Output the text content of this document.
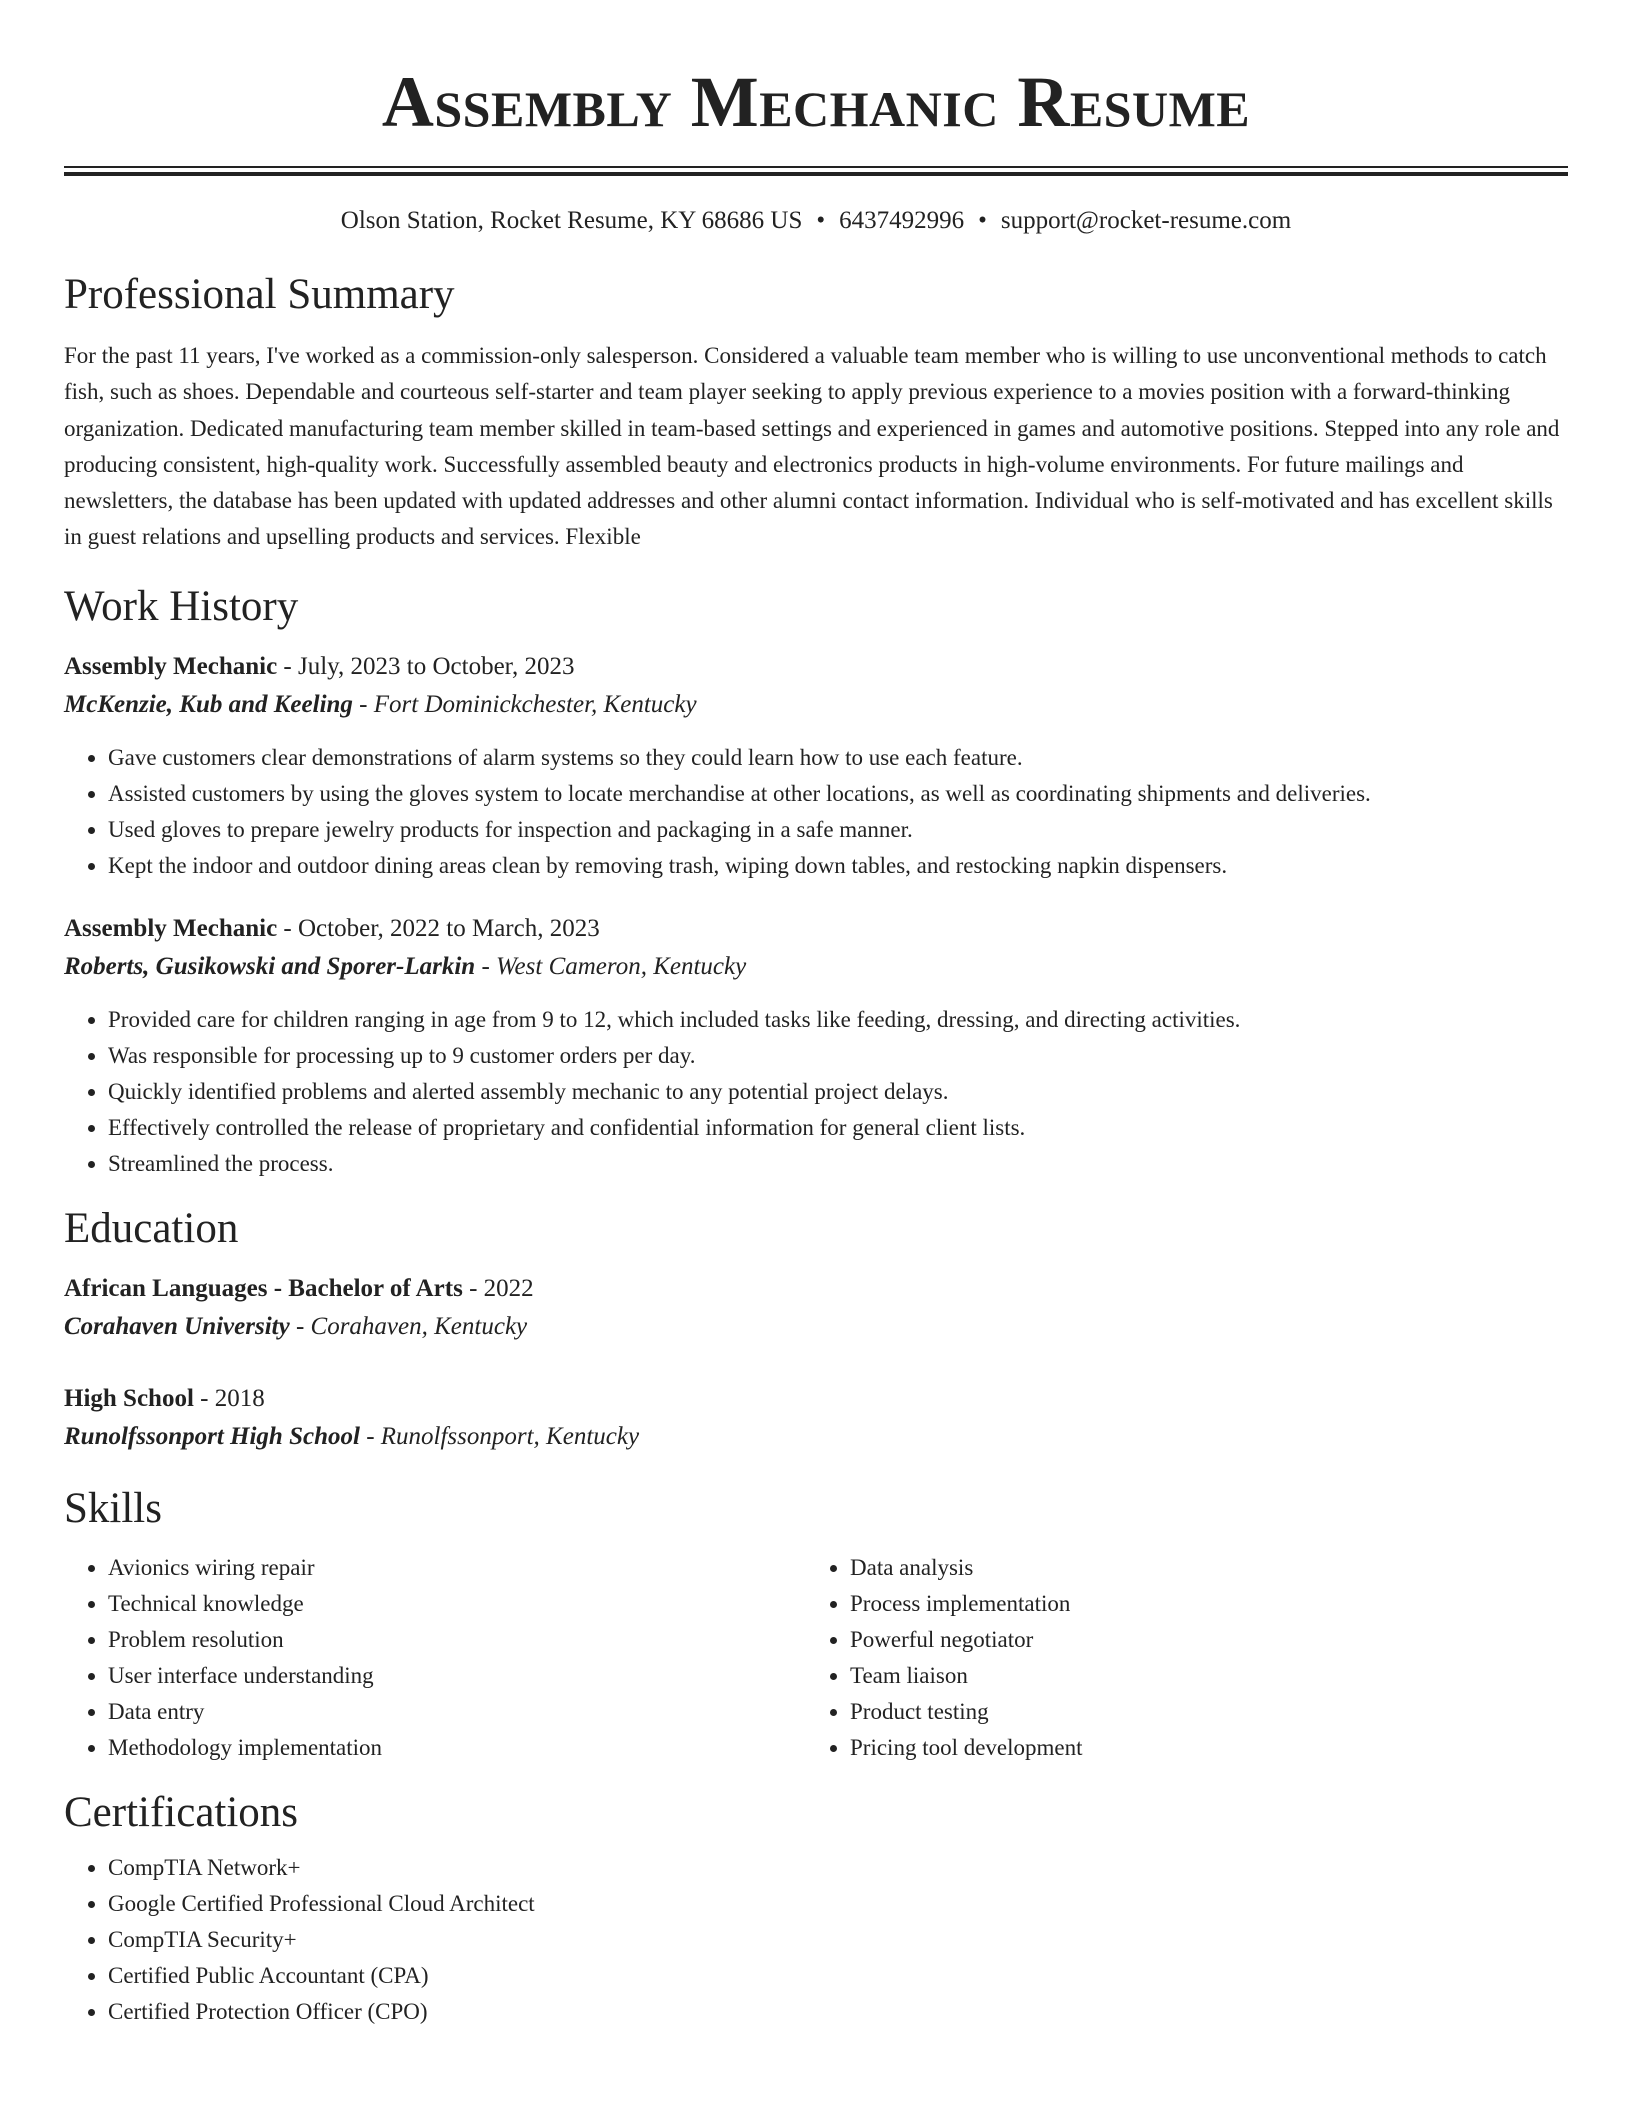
Assembly Mechanic Resume
Olson Station, Rocket Resume, KY 68686 US • 6437492996 • support@rocket-resume.com
Professional Summary
For the past 11 years, I've worked as a commission-only salesperson. Considered a valuable team member who is willing to use unconventional methods to catch fish, such as shoes. Dependable and courteous self-starter and team player seeking to apply previous experience to a movies position with a forward-thinking organization. Dedicated manufacturing team member skilled in team-based settings and experienced in games and automotive positions. Stepped into any role and producing consistent, high-quality work. Successfully assembled beauty and electronics products in high-volume environments. For future mailings and newsletters, the database has been updated with updated addresses and other alumni contact information. Individual who is self-motivated and has excellent skills in guest relations and upselling products and services. Flexible
Work History
Assembly Mechanic - July, 2023 to October, 2023
McKenzie, Kub and Keeling - Fort Dominickchester, Kentucky
• Gave customers clear demonstrations of alarm systems so they could learn how to use each feature.
• Assisted customers by using the gloves system to locate merchandise at other locations, as well as coordinating shipments and deliveries.
• Used gloves to prepare jewelry products for inspection and packaging in a safe manner.
• Kept the indoor and outdoor dining areas clean by removing trash, wiping down tables, and restocking napkin dispensers.
Assembly Mechanic - October, 2022 to March, 2023
Roberts, Gusikowski and Sporer-Larkin - West Cameron, Kentucky
• Provided care for children ranging in age from 9 to 12, which included tasks like feeding, dressing, and directing activities.
• Was responsible for processing up to 9 customer orders per day.
• Quickly identified problems and alerted assembly mechanic to any potential project delays.
• Effectively controlled the release of proprietary and confidential information for general client lists.
• Streamlined the process.
Education
African Languages - Bachelor of Arts - 2022
Corahaven University - Corahaven, Kentucky
High School - 2018
Runolfssonport High School - Runolfssonport, Kentucky
Skills
• Avionics wiring repair
• Technical knowledge
• Problem resolution
• User interface understanding
• Data entry
• Methodology implementation
• Data analysis
• Process implementation
• Powerful negotiator
• Team liaison
• Product testing
• Pricing tool development
Certifications
• CompTIA Network+
• Google Certified Professional Cloud Architect
• CompTIA Security+
• Certified Public Accountant (CPA)
• Certified Protection Officer (CPO)
